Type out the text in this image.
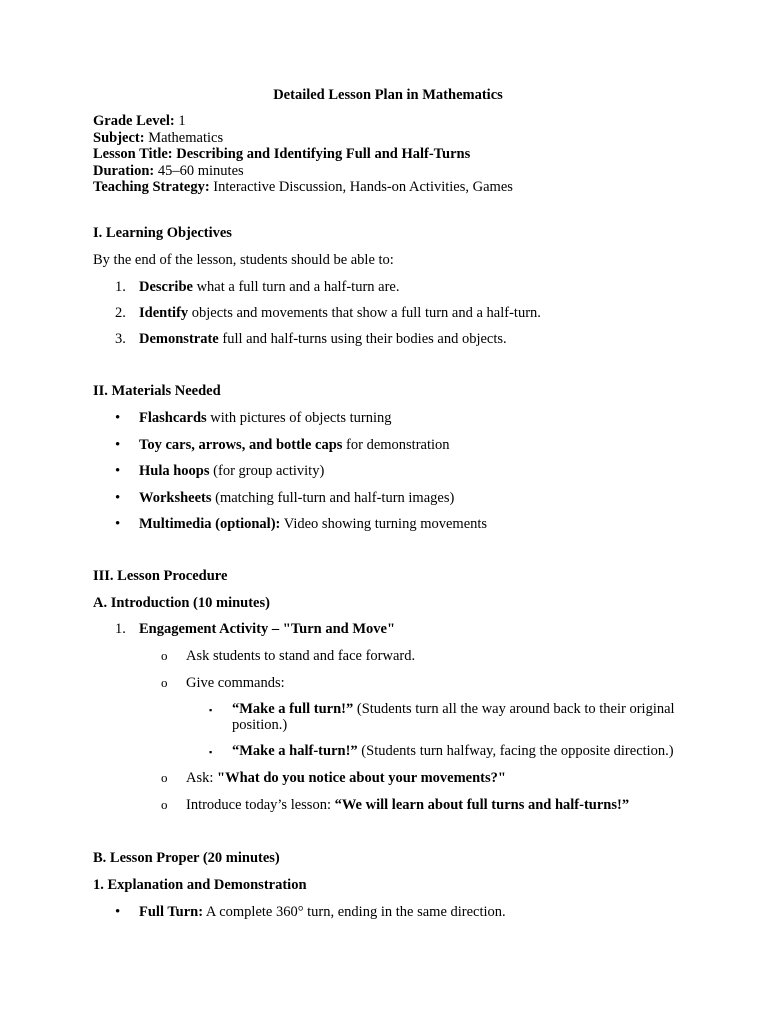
Detailed Lesson Plan in Mathematics

Grade Level: 1

Subject: Mathematics

Lesson Title: Describing and Identifying Full and Half-Turns

Duration: 45–60 minutes

Teaching Strategy: Interactive Discussion, Hands-on Activities, Games

I. Learning Objectives

By the end of the lesson, students should be able to:

1. Describe what a full turn and a half-turn are.
2. Identify objects and movements that show a full turn and a half-turn.
3. Demonstrate full and half-turns using their bodies and objects.

II. Materials Needed

•	Flashcards with pictures of objects turning
•	Toy cars, arrows, and bottle caps for demonstration
•	Hula hoops (for group activity)
•	Worksheets (matching full-turn and half-turn images)
•	Multimedia (optional): Video showing turning movements

III. Lesson Procedure

A. Introduction (10 minutes)

1. Engagement Activity – "Turn and Move"
o	Ask students to stand and face forward.
o	Give commands:
▪	“Make a full turn!” (Students turn all the way around back to their original position.)
▪	“Make a half-turn!” (Students turn halfway, facing the opposite direction.)
o	Ask: "What do you notice about your movements?"
o	Introduce today’s lesson: “We will learn about full turns and half-turns!”

B. Lesson Proper (20 minutes)

1. Explanation and Demonstration

•	Full Turn: A complete 360° turn, ending in the same direction.
